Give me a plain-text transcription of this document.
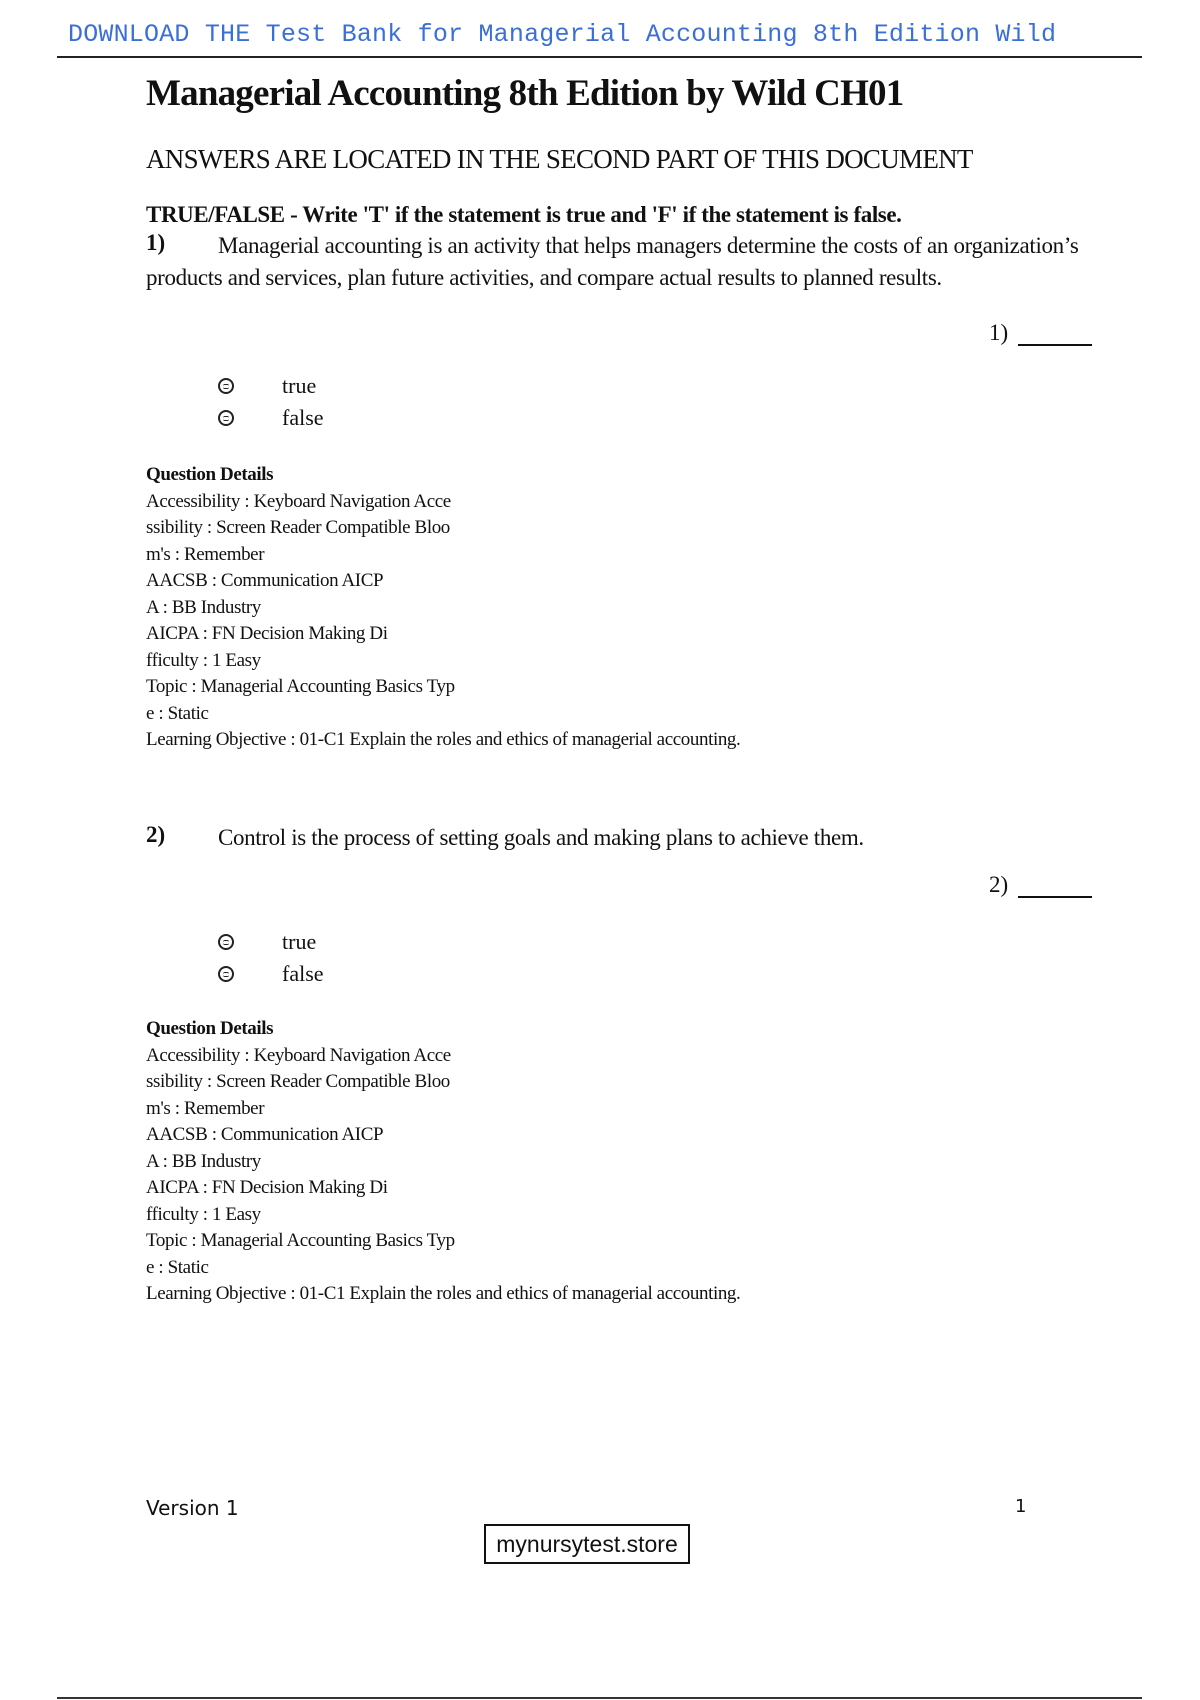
DOWNLOAD THE Test Bank for Managerial Accounting 8th Edition Wild
Managerial Accounting 8th Edition by Wild CH01
ANSWERS ARE LOCATED IN THE SECOND PART OF THIS DOCUMENT
TRUE/FALSE - Write 'T' if the statement is true and 'F' if the statement is false.
1)	Managerial accounting is an activity that helps managers determine the costs of an organization’s products and services, plan future activities, and compare actual results to planned results.

1)
true
false
Question Details
Accessibility : Keyboard Navigation Acce
ssibility : Screen Reader Compatible Bloo
m's : Remember
AACSB : Communication AICP
A : BB Industry
AICPA : FN Decision Making Di
fficulty : 1 Easy
Topic : Managerial Accounting Basics Typ
e : Static
Learning Objective : 01-C1 Explain the roles and ethics of managerial accounting.
2)	Control is the process of setting goals and making plans to achieve them.

2)
true
false
Question Details
Accessibility : Keyboard Navigation Acce
ssibility : Screen Reader Compatible Bloo
m's : Remember
AACSB : Communication AICP
A : BB Industry
AICPA : FN Decision Making Di
fficulty : 1 Easy
Topic : Managerial Accounting Basics Typ
e : Static
Learning Objective : 01-C1 Explain the roles and ethics of managerial accounting.
Version 1	1
mynursytest.store
